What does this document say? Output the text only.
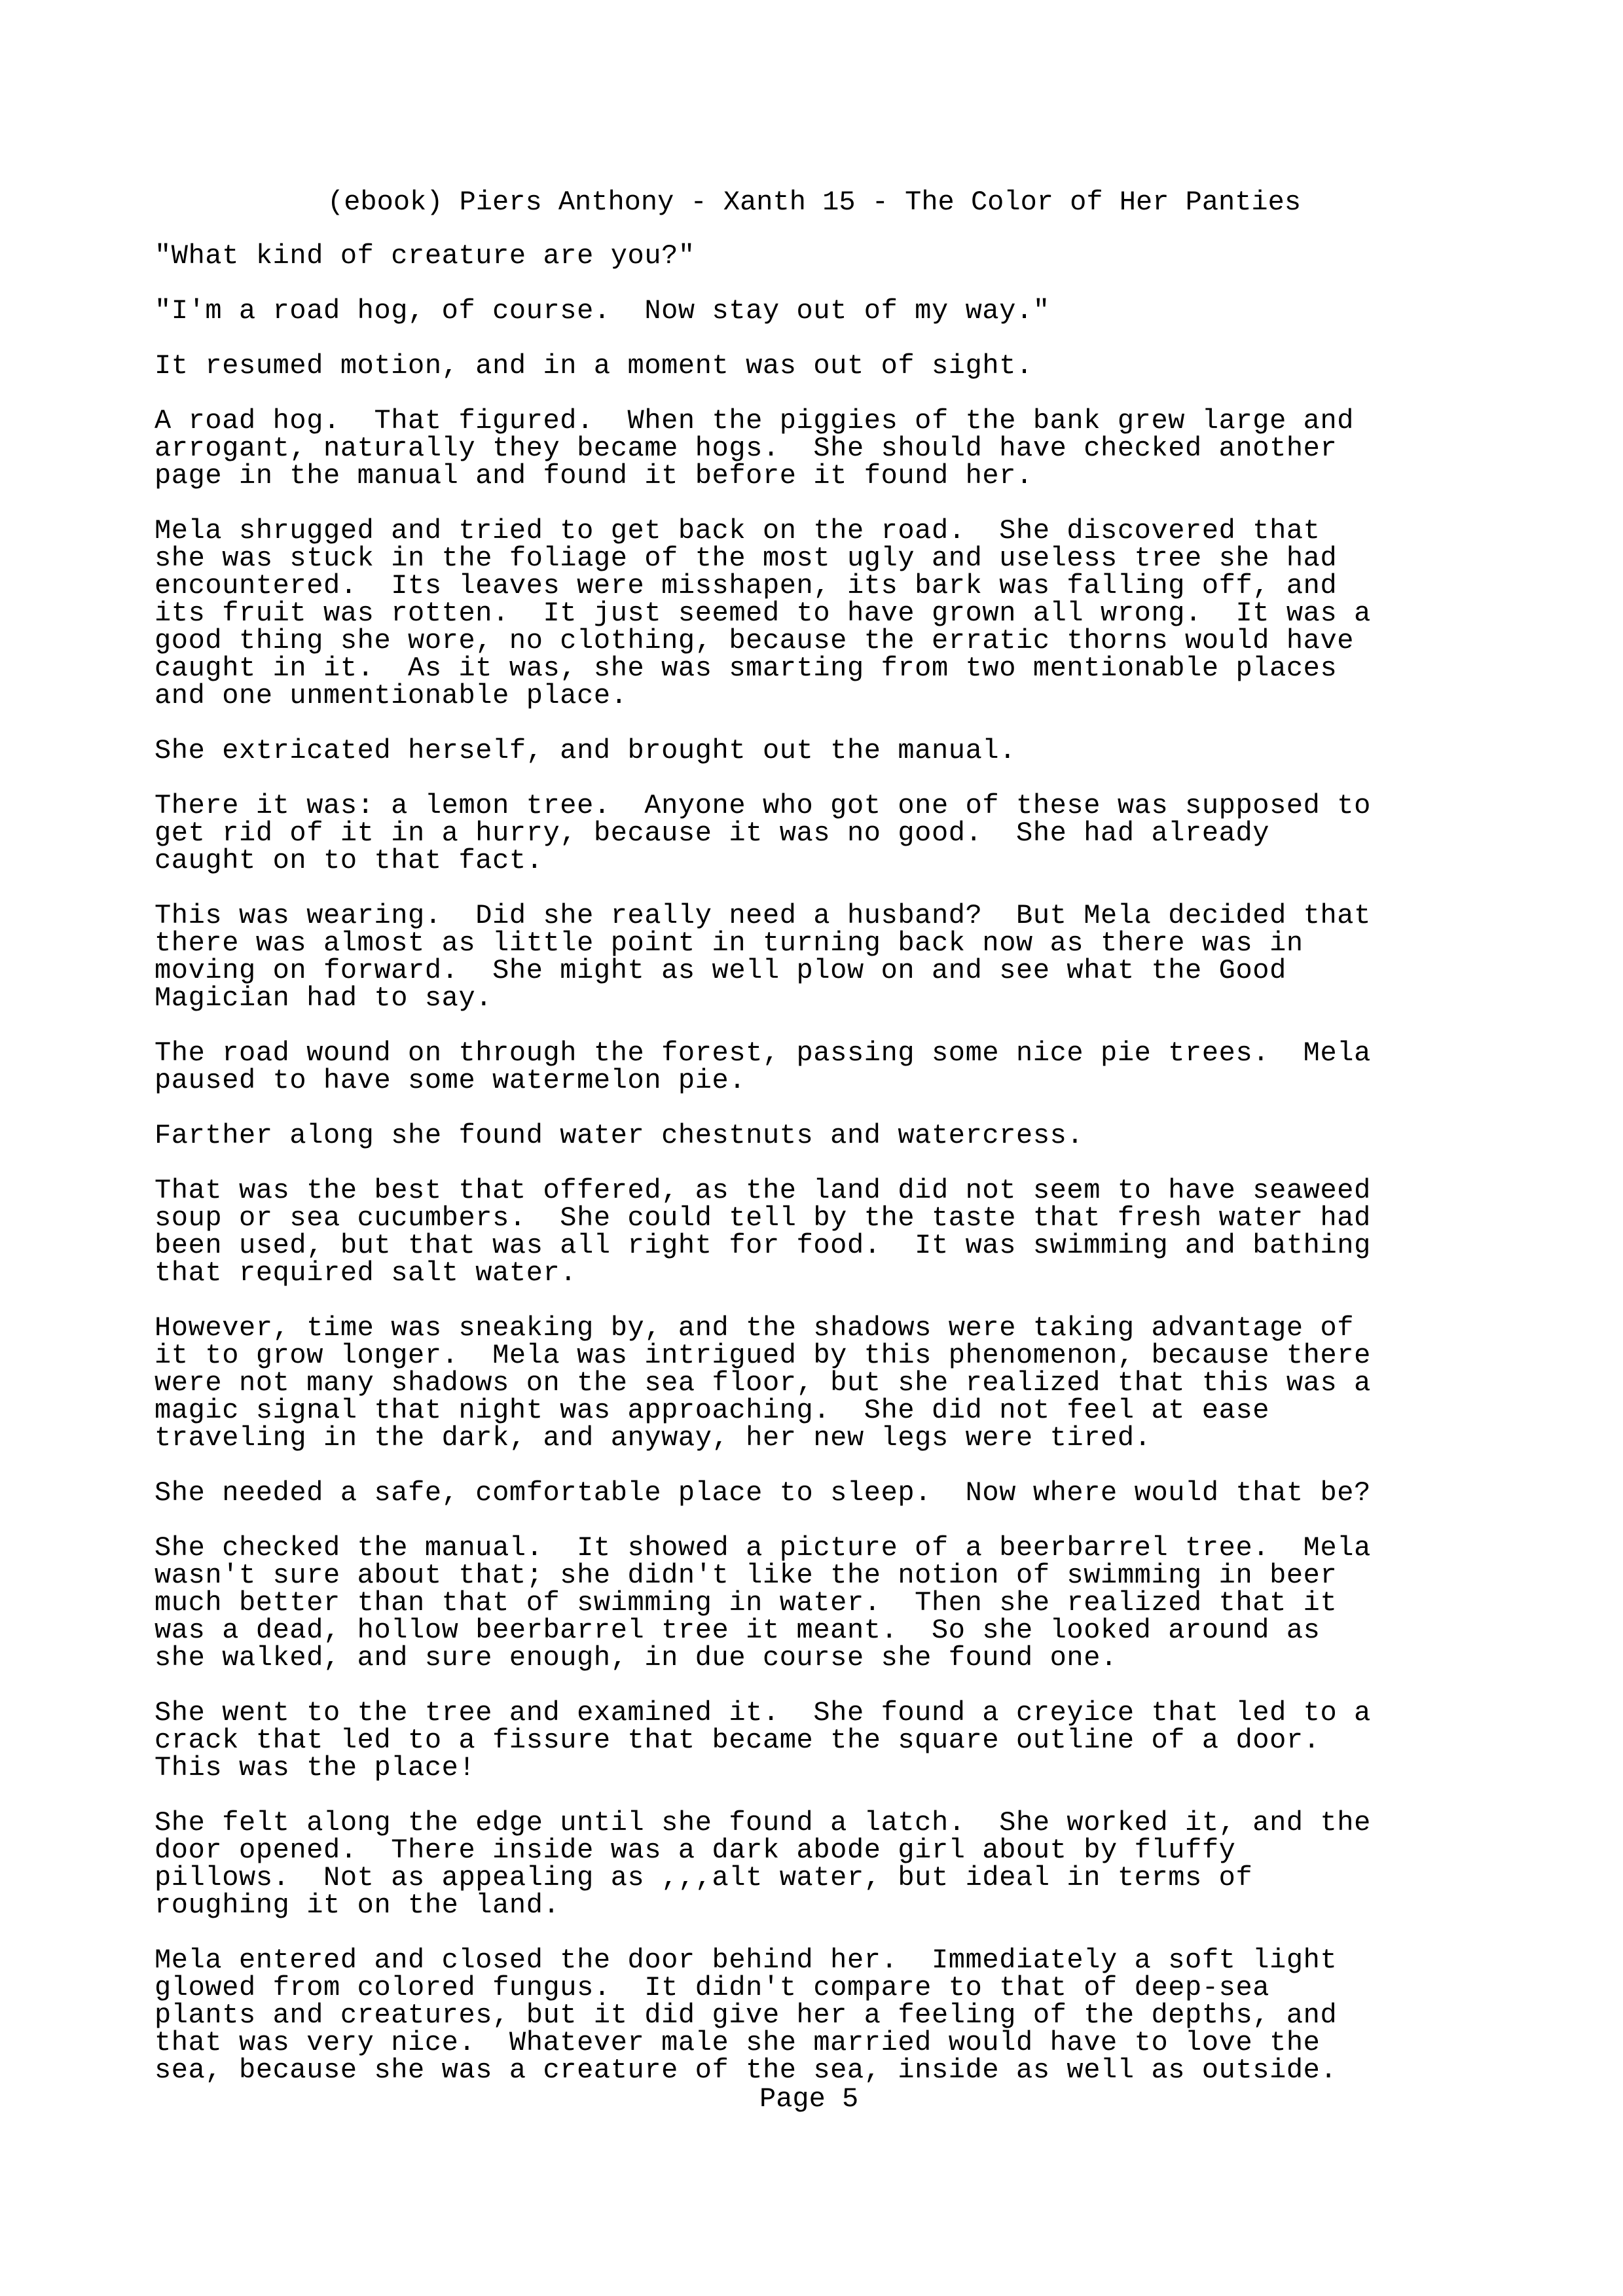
(ebook) Piers Anthony - Xanth 15 - The Color of Her Panties

"What kind of creature are you?"

"I'm a road hog, of course.  Now stay out of my way."

It resumed motion, and in a moment was out of sight.

A road hog.  That figured.  When the piggies of the bank grew large and
arrogant, naturally they became hogs.  She should have checked another
page in the manual and found it before it found her.

Mela shrugged and tried to get back on the road.  She discovered that
she was stuck in the foliage of the most ugly and useless tree she had
encountered.  Its leaves were misshapen, its bark was falling off, and
its fruit was rotten.  It just seemed to have grown all wrong.  It was a
good thing she wore, no clothing, because the erratic thorns would have
caught in it.  As it was, she was smarting from two mentionable places
and one unmentionable place.

She extricated herself, and brought out the manual.

There it was: a lemon tree.  Anyone who got one of these was supposed to
get rid of it in a hurry, because it was no good.  She had already
caught on to that fact.

This was wearing.  Did she really need a husband?  But Mela decided that
there was almost as little point in turning back now as there was in
moving on forward.  She might as well plow on and see what the Good
Magician had to say.

The road wound on through the forest, passing some nice pie trees.  Mela
paused to have some watermelon pie.

Farther along she found water chestnuts and watercress.

That was the best that offered, as the land did not seem to have seaweed
soup or sea cucumbers.  She could tell by the taste that fresh water had
been used, but that was all right for food.  It was swimming and bathing
that required salt water.

However, time was sneaking by, and the shadows were taking advantage of
it to grow longer.  Mela was intrigued by this phenomenon, because there
were not many shadows on the sea floor, but she realized that this was a
magic signal that night was approaching.  She did not feel at ease
traveling in the dark, and anyway, her new legs were tired.

She needed a safe, comfortable place to sleep.  Now where would that be?

She checked the manual.  It showed a picture of a beerbarrel tree.  Mela
wasn't sure about that; she didn't like the notion of swimming in beer
much better than that of swimming in water.  Then she realized that it
was a dead, hollow beerbarrel tree it meant.  So she looked around as
she walked, and sure enough, in due course she found one.

She went to the tree and examined it.  She found a creyice that led to a
crack that led to a fissure that became the square outline of a door.
This was the place!

She felt along the edge until she found a latch.  She worked it, and the
door opened.  There inside was a dark abode girl about by fluffy
pillows.  Not as appealing as ,,,alt water, but ideal in terms of
roughing it on the land.

Mela entered and closed the door behind her.  Immediately a soft light
glowed from colored fungus.  It didn't compare to that of deep-sea
plants and creatures, but it did give her a feeling of the depths, and
that was very nice.  Whatever male she married would have to love the
sea, because she was a creature of the sea, inside as well as outside.

Page 5
